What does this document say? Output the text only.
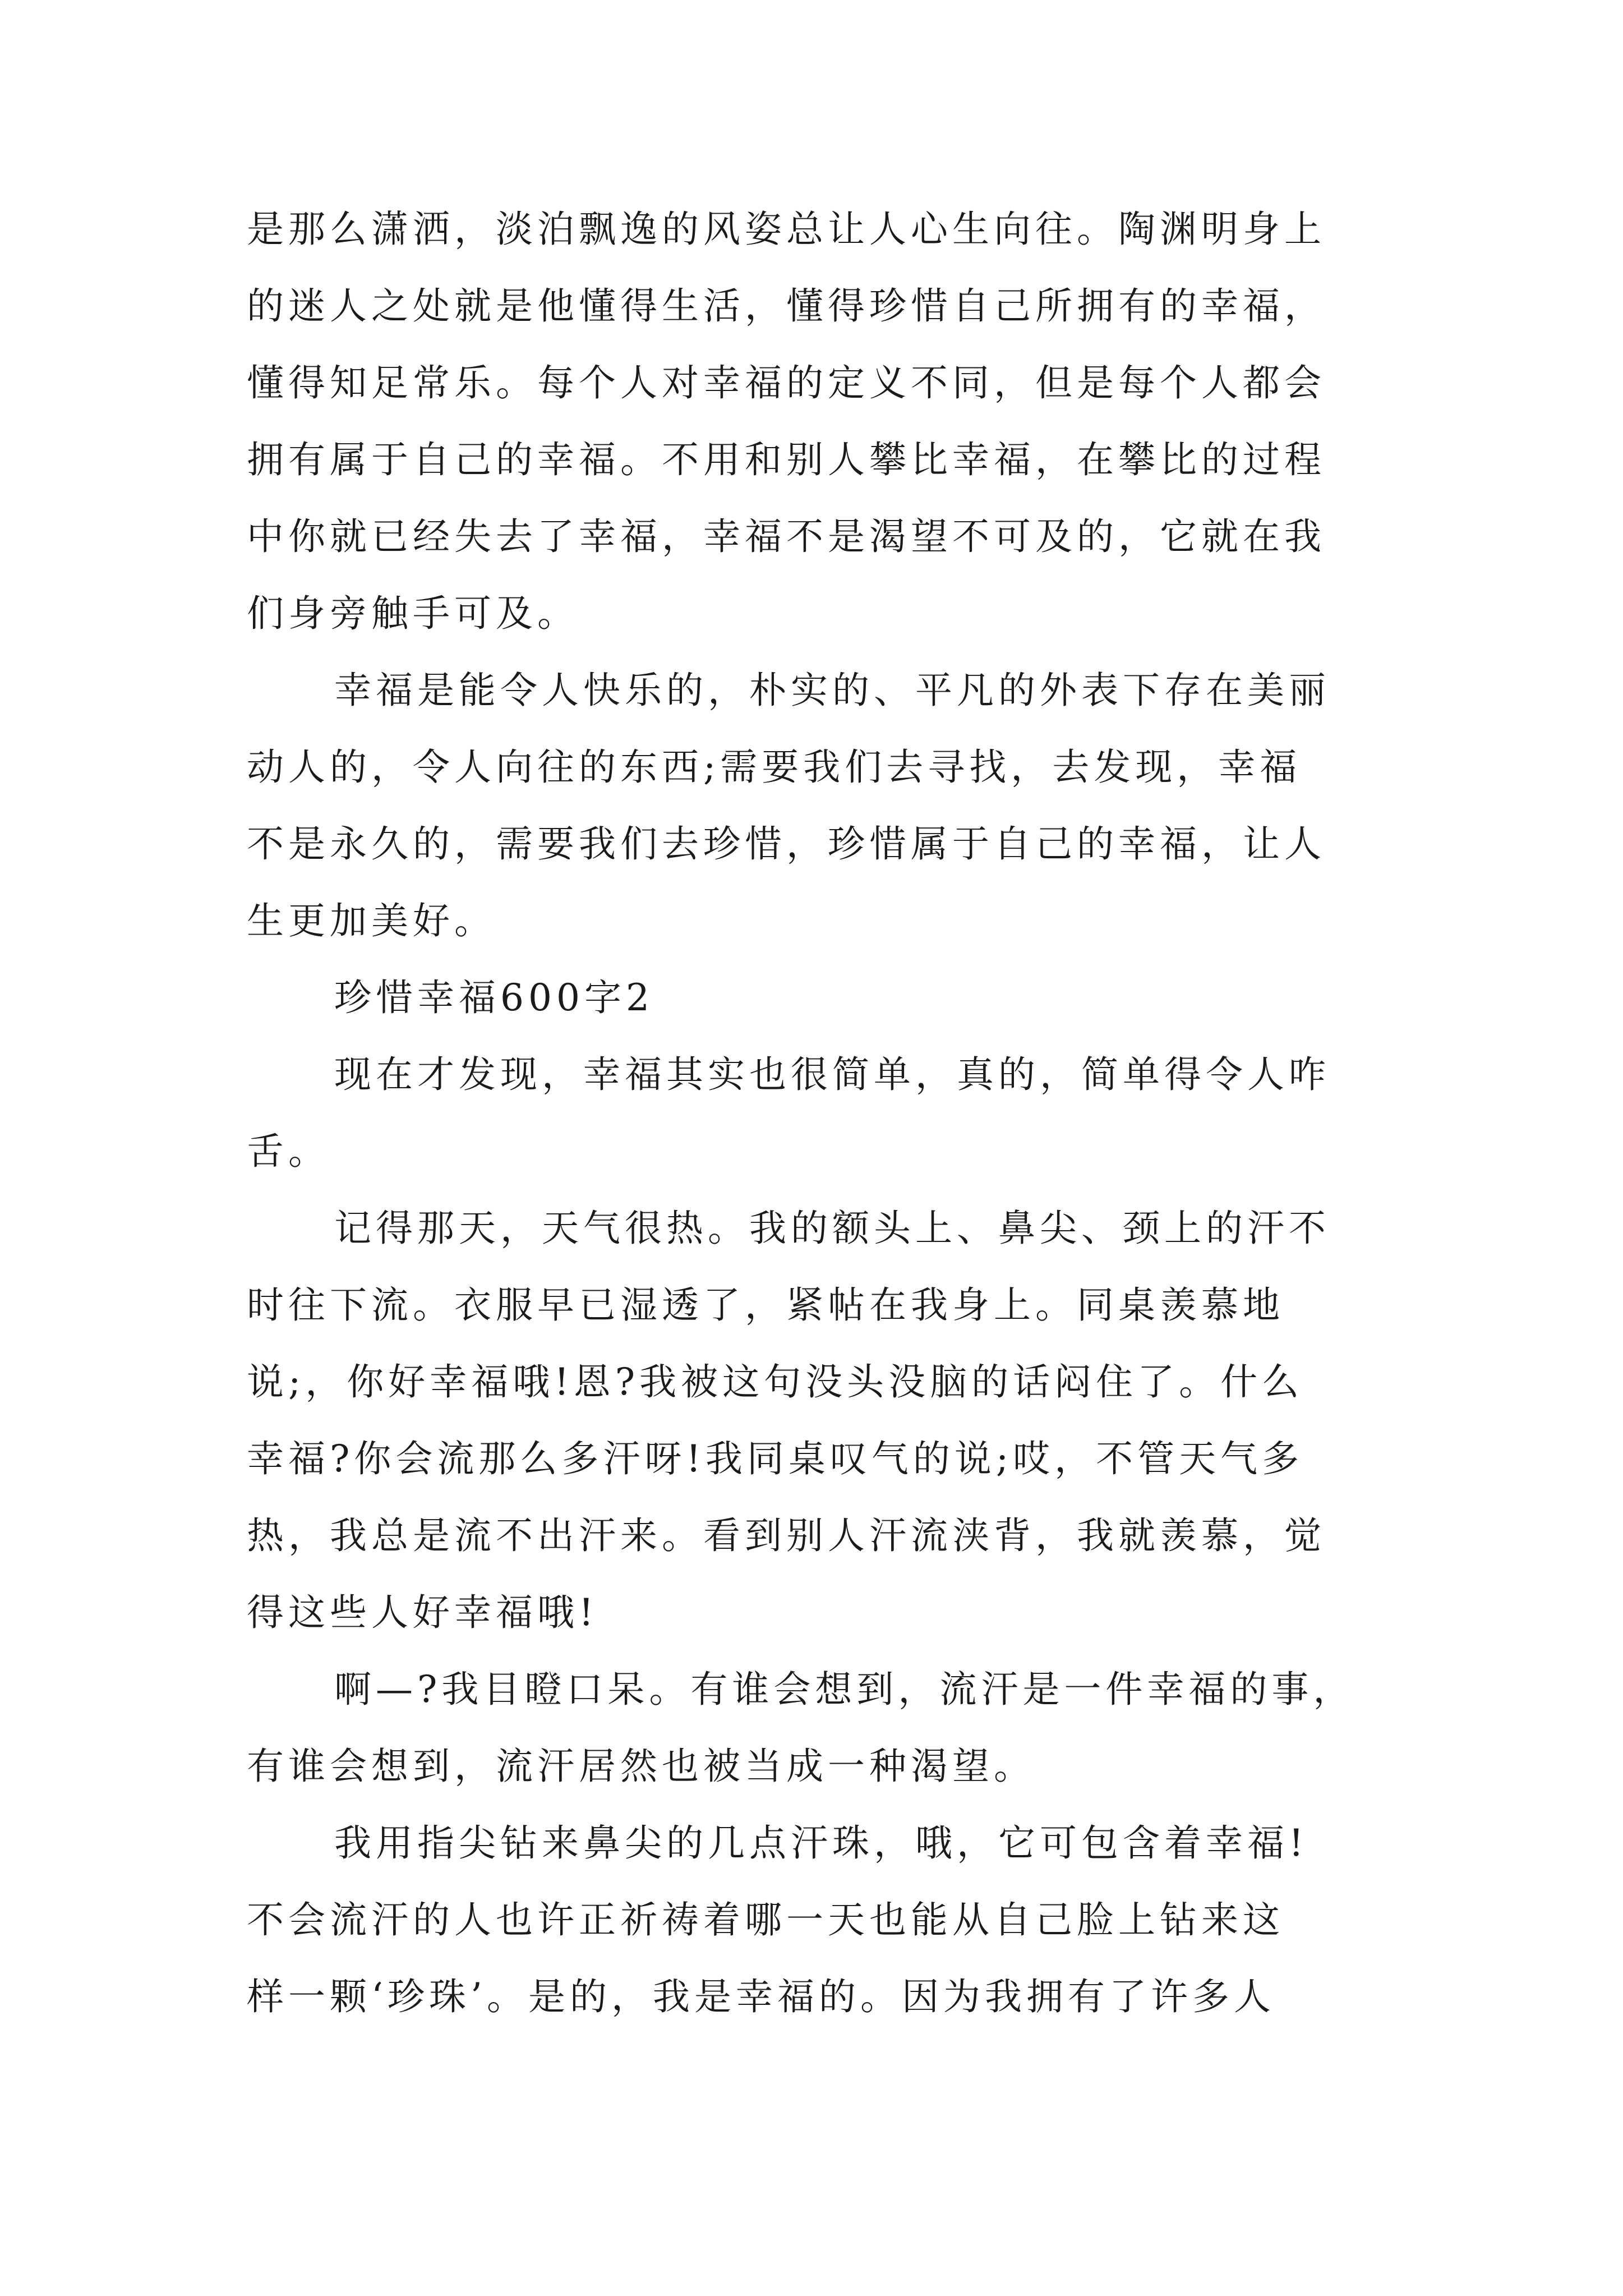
是那么潇洒，淡泊飘逸的风姿总让人心生向往。陶渊明身上
的迷人之处就是他懂得生活，懂得珍惜自己所拥有的幸福，
懂得知足常乐。每个人对幸福的定义不同，但是每个人都会
拥有属于自己的幸福。不用和别人攀比幸福，在攀比的过程
中你就已经失去了幸福，幸福不是渴望不可及的，它就在我
们身旁触手可及。
幸福是能令人快乐的，朴实的、平凡的外表下存在美丽
动人的，令人向往的东西;需要我们去寻找，去发现，幸福
不是永久的，需要我们去珍惜，珍惜属于自己的幸福，让人
生更加美好。
珍惜幸福600字2
现在才发现，幸福其实也很简单，真的，简单得令人咋
舌。
记得那天，天气很热。我的额头上、鼻尖、颈上的汗不
时往下流。衣服早已湿透了，紧帖在我身上。同桌羡慕地
说;，你好幸福哦!恩?我被这句没头没脑的话闷住了。什么
幸福?你会流那么多汗呀!我同桌叹气的说;哎，不管天气多
热，我总是流不出汗来。看到别人汗流浃背，我就羡慕，觉
得这些人好幸福哦!
啊—?我目瞪口呆。有谁会想到，流汗是一件幸福的事，
有谁会想到，流汗居然也被当成一种渴望。
我用指尖钻来鼻尖的几点汗珠，哦，它可包含着幸福!
不会流汗的人也许正祈祷着哪一天也能从自己脸上钻来这
样一颗‘珍珠’。是的，我是幸福的。因为我拥有了许多人
